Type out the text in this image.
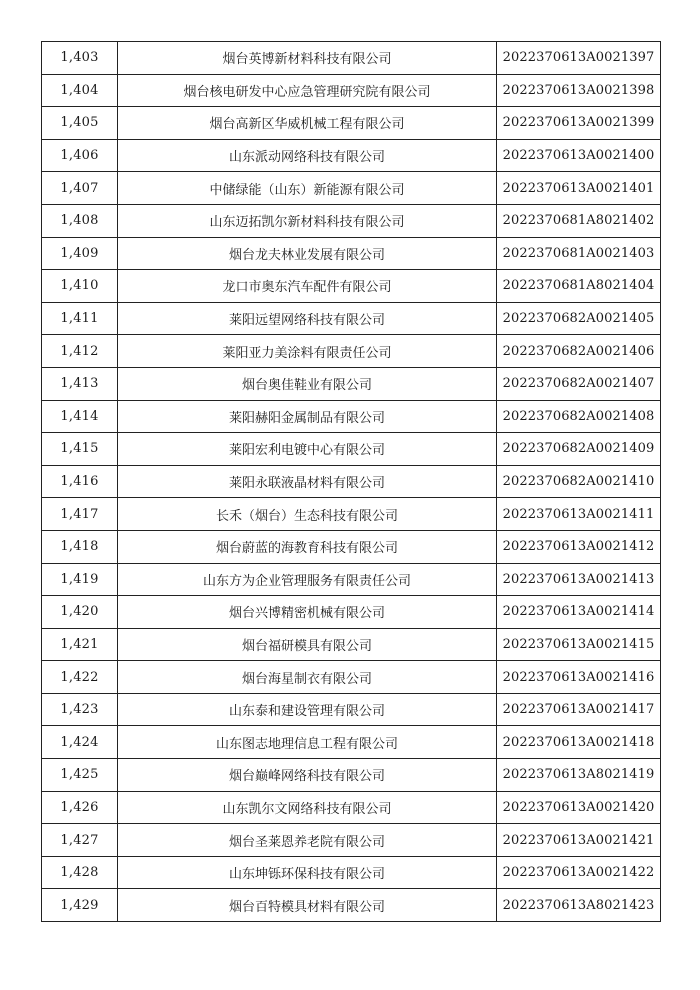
1,403	烟台英博新材料科技有限公司	2022370613A0021397
1,404	烟台核电研发中心应急管理研究院有限公司	2022370613A0021398
1,405	烟台高新区华威机械工程有限公司	2022370613A0021399
1,406	山东派动网络科技有限公司	2022370613A0021400
1,407	中储绿能（山东）新能源有限公司	2022370613A0021401
1,408	山东迈拓凯尔新材料科技有限公司	2022370681A8021402
1,409	烟台龙夫林业发展有限公司	2022370681A0021403
1,410	龙口市奥东汽车配件有限公司	2022370681A8021404
1,411	莱阳远望网络科技有限公司	2022370682A0021405
1,412	莱阳亚力美涂料有限责任公司	2022370682A0021406
1,413	烟台奥佳鞋业有限公司	2022370682A0021407
1,414	莱阳赫阳金属制品有限公司	2022370682A0021408
1,415	莱阳宏利电镀中心有限公司	2022370682A0021409
1,416	莱阳永联液晶材料有限公司	2022370682A0021410
1,417	长禾（烟台）生态科技有限公司	2022370613A0021411
1,418	烟台蔚蓝的海教育科技有限公司	2022370613A0021412
1,419	山东方为企业管理服务有限责任公司	2022370613A0021413
1,420	烟台兴博精密机械有限公司	2022370613A0021414
1,421	烟台福研模具有限公司	2022370613A0021415
1,422	烟台海星制衣有限公司	2022370613A0021416
1,423	山东泰和建设管理有限公司	2022370613A0021417
1,424	山东图志地理信息工程有限公司	2022370613A0021418
1,425	烟台巅峰网络科技有限公司	2022370613A8021419
1,426	山东凯尔文网络科技有限公司	2022370613A0021420
1,427	烟台圣莱恩养老院有限公司	2022370613A0021421
1,428	山东坤铄环保科技有限公司	2022370613A0021422
1,429	烟台百特模具材料有限公司	2022370613A8021423
